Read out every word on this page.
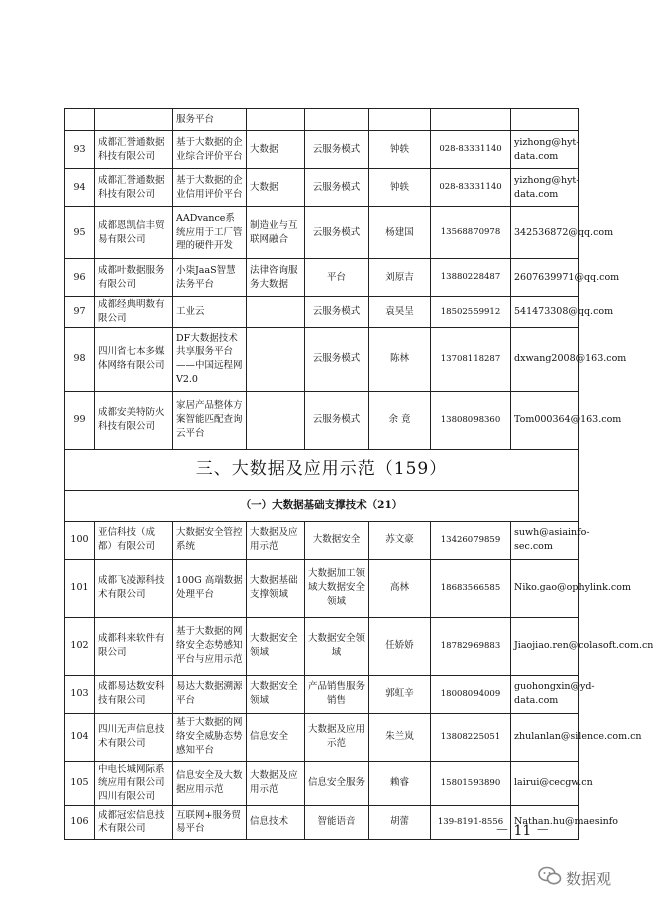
		服务平台					
93	成都汇誉通数据科技有限公司	基于大数据的企业综合评价平台	大数据	云服务模式	钟轶	028-83331140	yizhong@hyt-data.com
94	成都汇誉通数据科技有限公司	基于大数据的企业信用评价平台	大数据	云服务模式	钟轶	028-83331140	yizhong@hyt-data.com
95	成都恩凯信丰贸易有限公司	AADvance系统应用于工厂管理的硬件开发	制造业与互联网融合	云服务模式	杨建国	13568870978	342536872@qq.com
96	成都叶数据服务有限公司	小柒JaaS智慧法务平台	法律咨询服务大数据	平台	刘原吉	13880228487	2607639971@qq.com
97	成都经典明数有限公司	工业云		云服务模式	袁昊呈	18502559912	541473308@qq.com
98	四川省七本多媒体网络有限公司	DF大数据技术共享服务平台——中国远程网V2.0		云服务模式	陈林	13708118287	dxwang2008@163.com
99	成都安美特防火科技有限公司	家居产品整体方案智能匹配查询云平台		云服务模式	余 竟	13808098360	Tom000364@163.com
三、大数据及应用示范（159）							
（一）大数据基础支撑技术（21）							
100	亚信科技（成都）有限公司	大数据安全管控系统	大数据及应用示范	大数据安全	苏文豪	13426079859	suwh@asiainfo-sec.com
101	成都飞凌源科技术有限公司	100G 高端数据处理平台	大数据基础支撑领域	大数据加工领域大数据安全领域	高林	18683566585	Niko.gao@ophylink.com
102	成都科来软件有限公司	基于大数据的网络安全态势感知平台与应用示范	大数据安全领域	大数据安全领域	任娇娇	18782969883	Jiaojiao.ren@colasoft.com.cn
103	成都易达数安科技有限公司	易达大数据溯源平台	大数据安全领域	产品销售服务销售	郭虹辛	18008094009	guohongxin@yd-data.com
104	四川无声信息技术有限公司	基于大数据的网络安全威胁态势感知平台	信息安全	大数据及应用示范	朱兰岚	13808225051	zhulanlan@silence.com.cn
105	中电长城网际系统应用有限公司四川有限公司	信息安全及大数据应用示范	大数据及应用示范	信息安全服务	赖睿	15801593890	lairui@cecgw.cn
106	成都冠宏信息技术有限公司	互联网+服务贸易平台	信息技术	智能语音	胡蕾	139-8191-8556	Nathan.hu@maesinfo
－ 11 －
数据观
